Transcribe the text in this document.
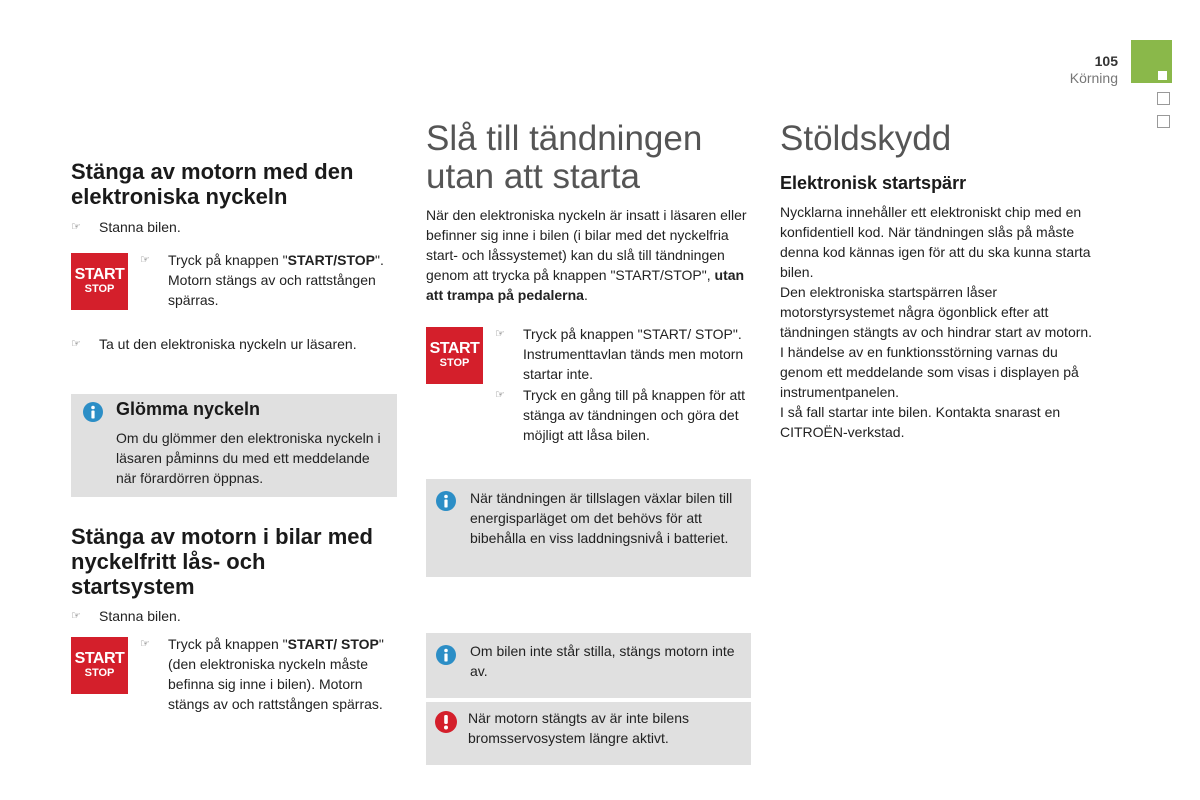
105
Körning
Stänga av motorn med den elektroniska nyckeln
☞ Stanna bilen.
START
STOP
☞ Tryck på knappen "START/STOP". Motorn stängs av och rattstången spärras.
☞ Ta ut den elektroniska nyckeln ur läsaren.
Glömma nyckeln
Om du glömmer den elektroniska nyckeln i läsaren påminns du med ett meddelande när förardörren öppnas.
Stänga av motorn i bilar med nyckelfritt lås- och startsystem
☞ Stanna bilen.
START
STOP
☞ Tryck på knappen "START/ STOP" (den elektroniska nyckeln måste befinna sig inne i bilen). Motorn stängs av och rattstången spärras.
Slå till tändningen utan att starta
När den elektroniska nyckeln är insatt i läsaren eller befinner sig inne i bilen (i bilar med det nyckelfria start- och låssystemet) kan du slå till tändningen genom att trycka på knappen "START/STOP", utan att trampa på pedalerna.
START
STOP
☞ Tryck på knappen "START/ STOP". Instrumenttavlan tänds men motorn startar inte.
☞ Tryck en gång till på knappen för att stänga av tändningen och göra det möjligt att låsa bilen.
När tändningen är tillslagen växlar bilen till energisparläget om det behövs för att bibehålla en viss laddningsnivå i batteriet.
Om bilen inte står stilla, stängs motorn inte av.
När motorn stängts av är inte bilens bromsservosystem längre aktivt.
Stöldskydd
Elektronisk startspärr
Nycklarna innehåller ett elektroniskt chip med en konfidentiell kod. När tändningen slås på måste denna kod kännas igen för att du ska kunna starta bilen.
Den elektroniska startspärren låser motorstyrsystemet några ögonblick efter att tändningen stängts av och hindrar start av motorn.
I händelse av en funktionsstörning varnas du genom ett meddelande som visas i displayen på instrumentpanelen.
I så fall startar inte bilen. Kontakta snarast en CITROËN-verkstad.
